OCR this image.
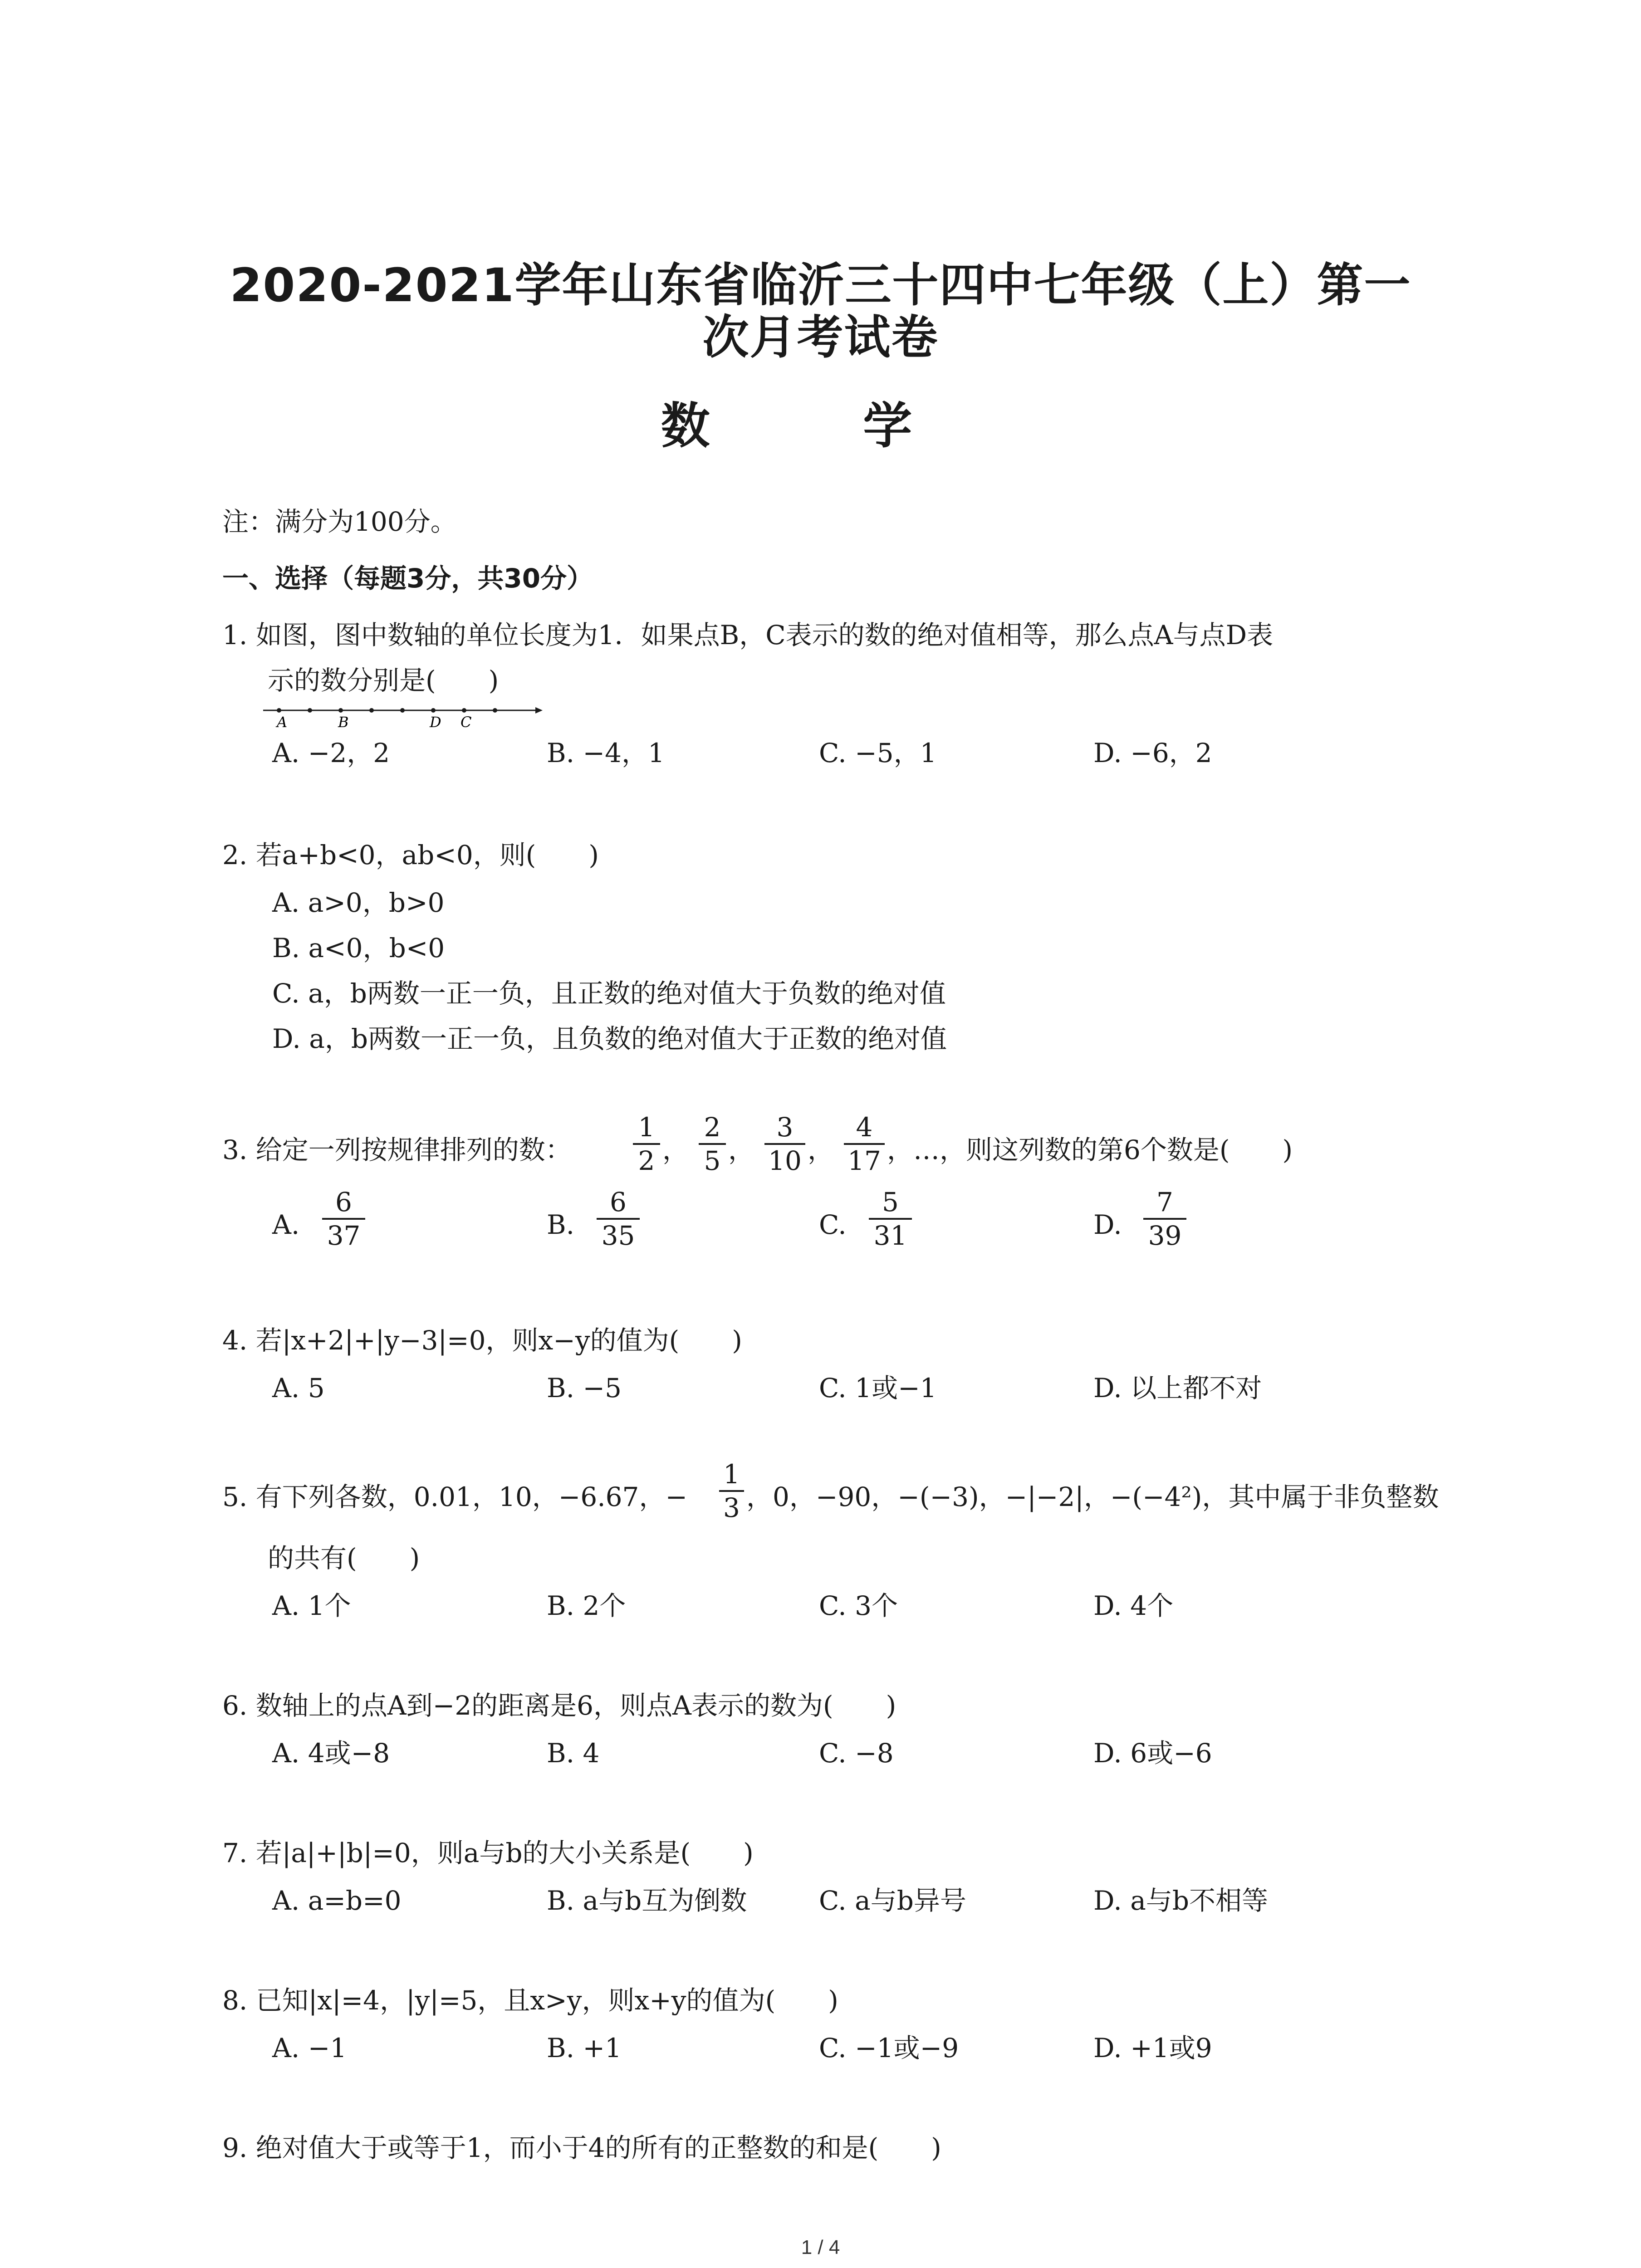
2020-2021学年山东省临沂三十四中七年级（上）第一
次月考试卷
数 学
注：满分为100分。
一、选择（每题3分，共30分）
1. 如图，图中数轴的单位长度为1．如果点B，C表示的数的绝对值相等，那么点A与点D表
示的数分别是(　　)
A	B	D C
A. −2，2	B. −4，1	C. −5，1	D. −6，2
2. 若a+b<0，ab<0，则(　　)
A. a>0，b>0
B. a<0，b<0
C. a，b两数一正一负，且正数的绝对值大于负数的绝对值
D. a，b两数一正一负，且负数的绝对值大于正数的绝对值
3. 给定一列按规律排列的数：
1
2 ，
2
5 ，
3
10 ，
4
17 ，…，则这列数的第6个数是(　　)
A.
6
37	B.
6
35	C.
5
31	D.
7
39
4. 若|x+2|+|y−3|=0，则x−y的值为(　　)
A. 5	B. −5	C. 1或−1	D. 以上都不对
5. 有下列各数，0.01，10，−6.67，−
1
3 ，0，−90，−(−3)，−|−2|，−(−4²)，其中属于非负整数
的共有(　　)
A. 1个	B. 2个	C. 3个	D. 4个
6. 数轴上的点A到−2的距离是6，则点A表示的数为(　　)
A. 4或−8	B. 4	C. −8	D. 6或−6
7. 若|a|+|b|=0，则a与b的大小关系是(　　)
A. a=b=0	B. a与b互为倒数	C. a与b异号	D. a与b不相等
8. 已知|x|=4，|y|=5，且x>y，则x+y的值为(　　)
A. −1	B. +1	C. −1或−9	D. +1或9
9. 绝对值大于或等于1，而小于4的所有的正整数的和是(　　)
1 / 4
